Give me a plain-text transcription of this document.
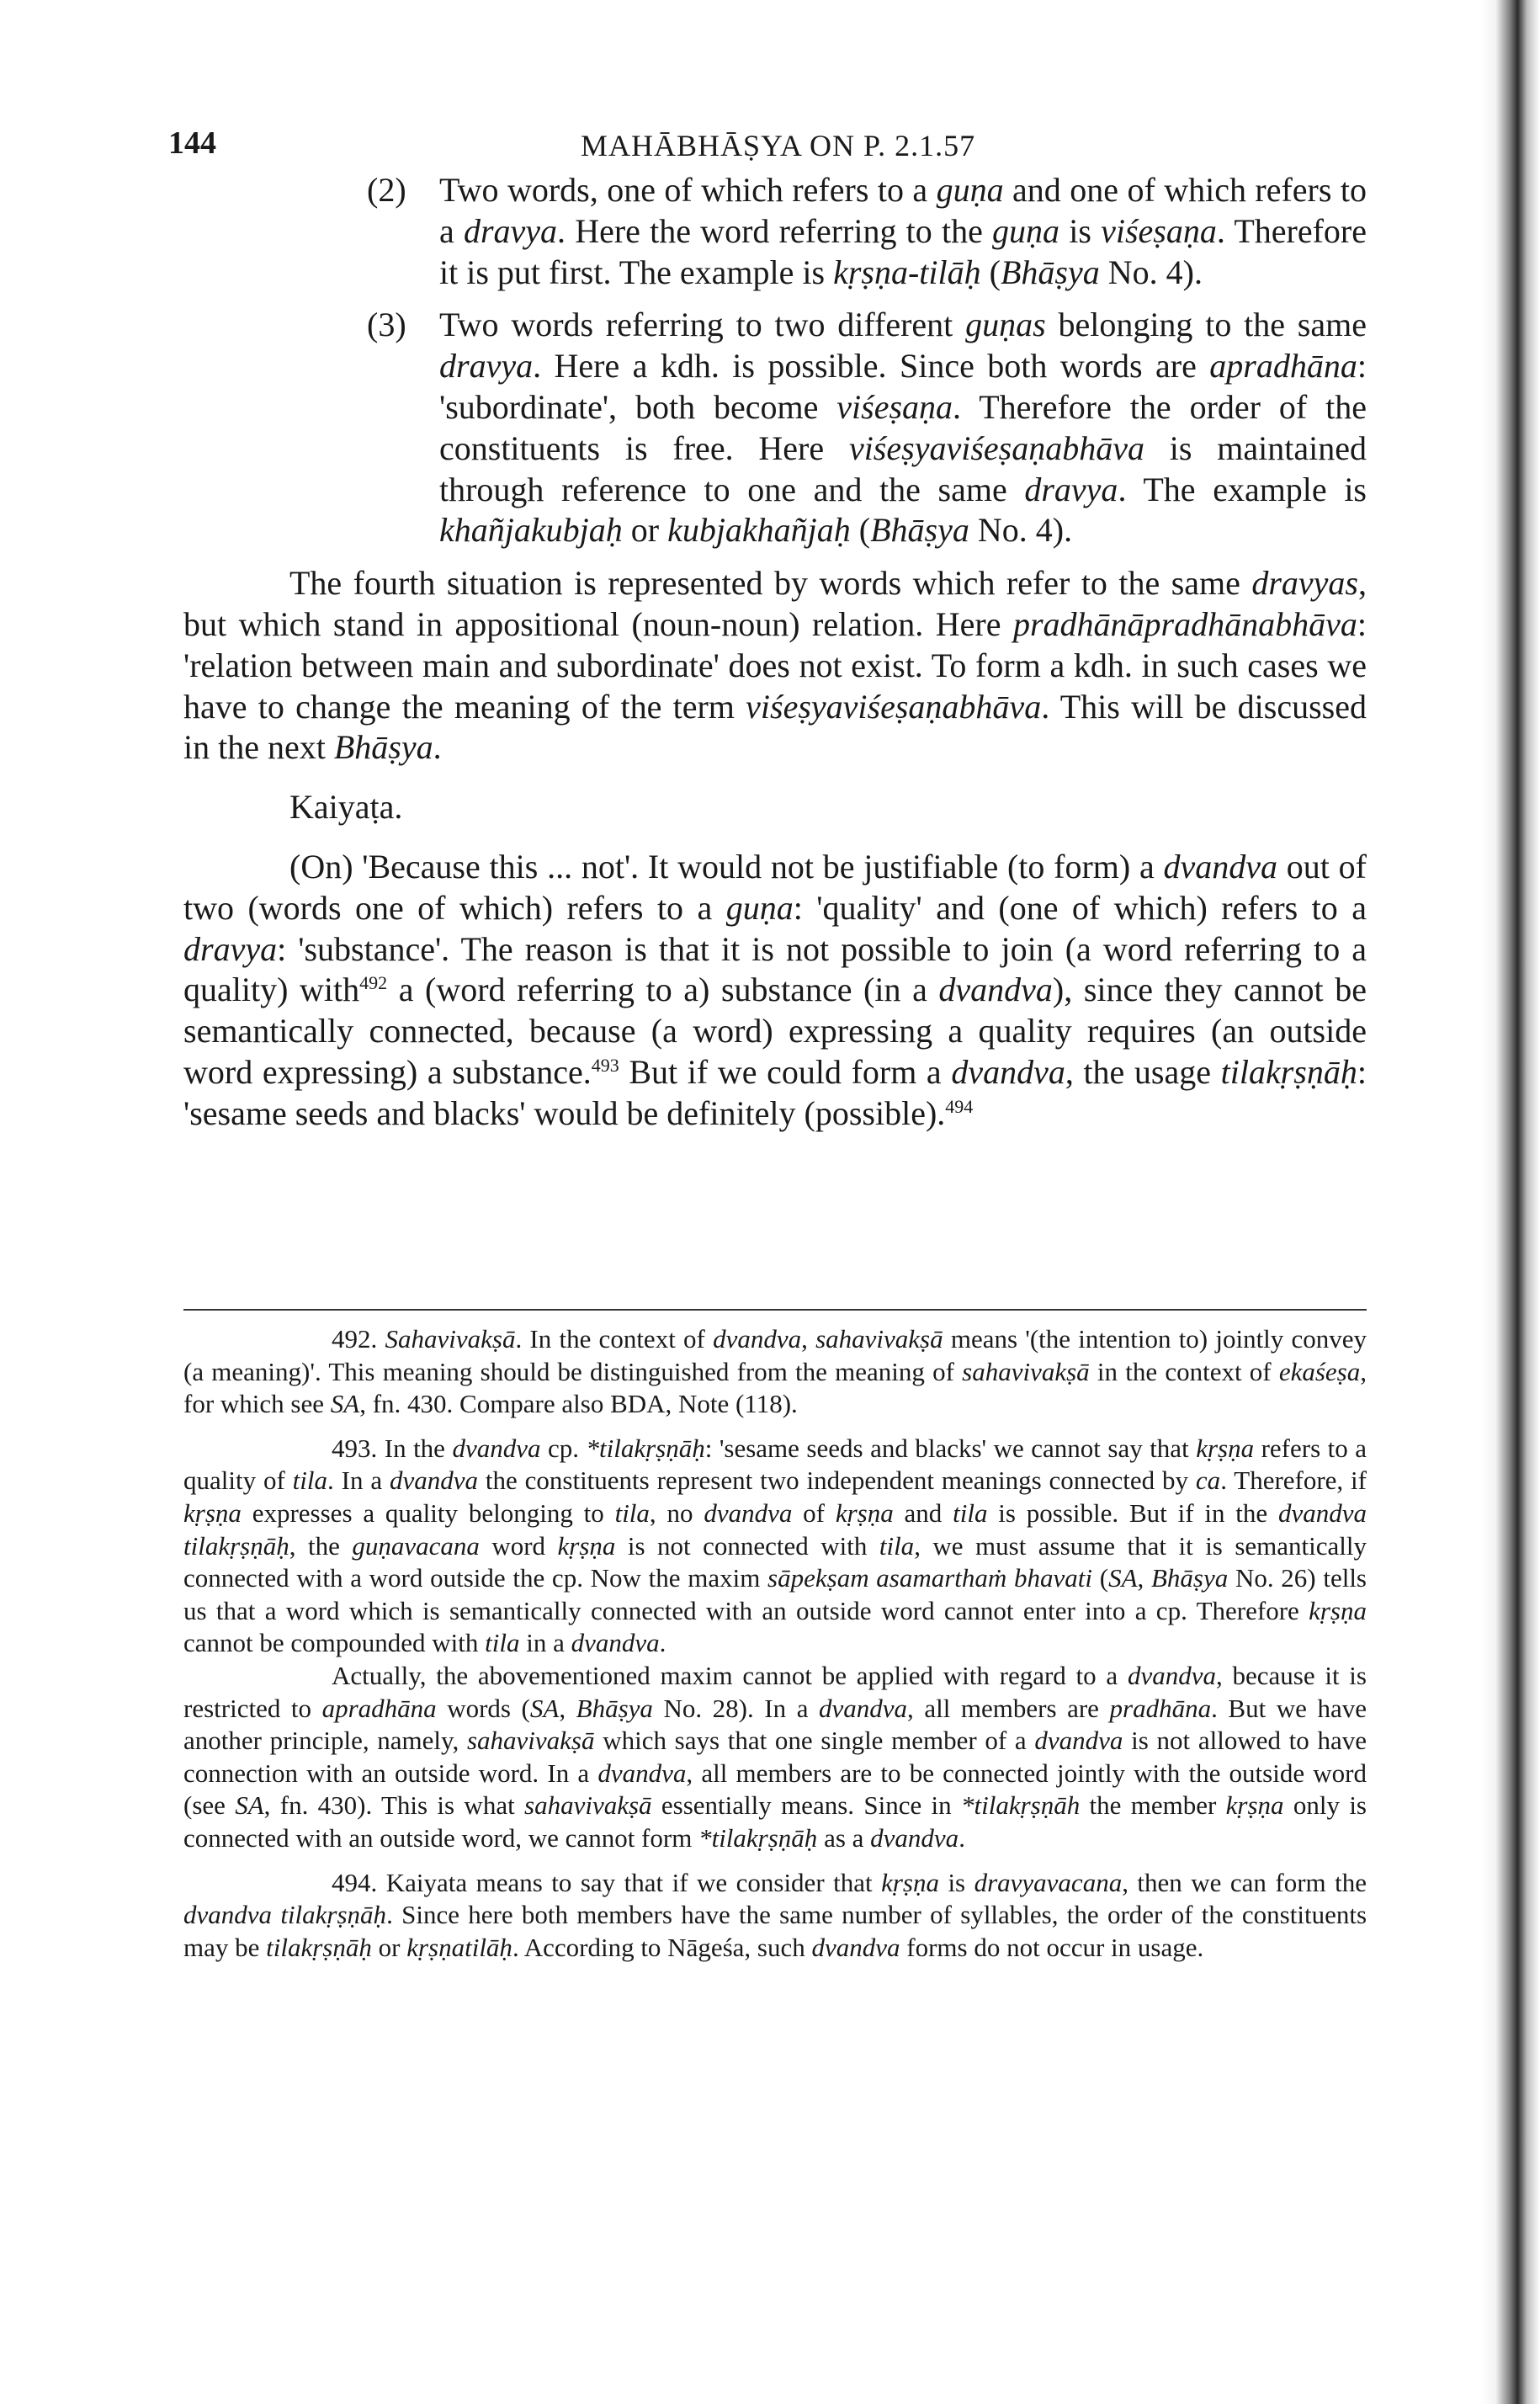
144	MAHĀBHĀṢYA ON P. 2.1.57

(2) Two words, one of which refers to a guṇa and one of which refers to a dravya. Here the word referring to the guṇa is viśeṣaṇa. Therefore it is put first. The example is kṛṣṇa-tilāḥ (Bhāṣya No. 4).

(3) Two words referring to two different guṇas belonging to the same dravya. Here a kdh. is possible. Since both words are apradhāna: 'subordinate', both become viśeṣaṇa. Therefore the order of the constituents is free. Here viśeṣyaviśeṣaṇabhāva is maintained through reference to one and the same dravya. The example is khañjakubjaḥ or kubjakhañjaḥ (Bhāṣya No. 4).

The fourth situation is represented by words which refer to the same dravyas, but which stand in appositional (noun-noun) relation. Here pradhānāpradhānabhāva: 'relation between main and subordinate' does not exist. To form a kdh. in such cases we have to change the meaning of the term viśeṣyaviśeṣaṇabhāva. This will be discussed in the next Bhāṣya.

Kaiyaṭa.

(On) 'Because this ... not'. It would not be justifiable (to form) a dvandva out of two (words one of which) refers to a guṇa: 'quality' and (one of which) refers to a dravya: 'substance'. The reason is that it is not possible to join (a word referring to a quality) with$^{492}$ a (word referring to a) substance (in a dvandva), since they cannot be semantically connected, because (a word) expressing a quality requires (an outside word expressing) a substance.$^{493}$ But if we could form a dvandva, the usage tilakṛṣṇāḥ: 'sesame seeds and blacks' would be definitely (possible).$^{494}$

492. Sahavivakṣā. In the context of dvandva, sahavivakṣā means '(the intention to) jointly convey (a meaning)'. This meaning should be distinguished from the meaning of sahavivakṣā in the context of ekaśeṣa, for which see SA, fn. 430. Compare also BDA, Note (118).

493. In the dvandva cp. *tilakṛṣṇāḥ: 'sesame seeds and blacks' we cannot say that kṛṣṇa refers to a quality of tila. In a dvandva the constituents represent two independent meanings connected by ca. Therefore, if kṛṣṇa expresses a quality belonging to tila, no dvandva of kṛṣṇa and tila is possible. But if in the dvandva tilakṛṣṇāḥ, the guṇavacana word kṛṣṇa is not connected with tila, we must assume that it is semantically connected with a word outside the cp. Now the maxim sāpekṣam asamarthaṁ bhavati (SA, Bhāṣya No. 26) tells us that a word which is semantically connected with an outside word cannot enter into a cp. Therefore kṛṣṇa cannot be compounded with tila in a dvandva.

Actually, the abovementioned maxim cannot be applied with regard to a dvandva, because it is restricted to apradhāna words (SA, Bhāṣya No. 28). In a dvandva, all members are pradhāna. But we have another principle, namely, sahavivakṣā which says that one single member of a dvandva is not allowed to have connection with an outside word. In a dvandva, all members are to be connected jointly with the outside word (see SA, fn. 430). This is what sahavivakṣā essentially means. Since in *tilakṛṣṇāh the member kṛṣṇa only is connected with an outside word, we cannot form *tilakṛṣṇāḥ as a dvandva.

494. Kaiyata means to say that if we consider that kṛṣṇa is dravyavacana, then we can form the dvandva tilakṛṣṇāḥ. Since here both members have the same number of syllables, the order of the constituents may be tilakṛṣṇāḥ or kṛṣṇatilāḥ. According to Nāgeśa, such dvandva forms do not occur in usage.
